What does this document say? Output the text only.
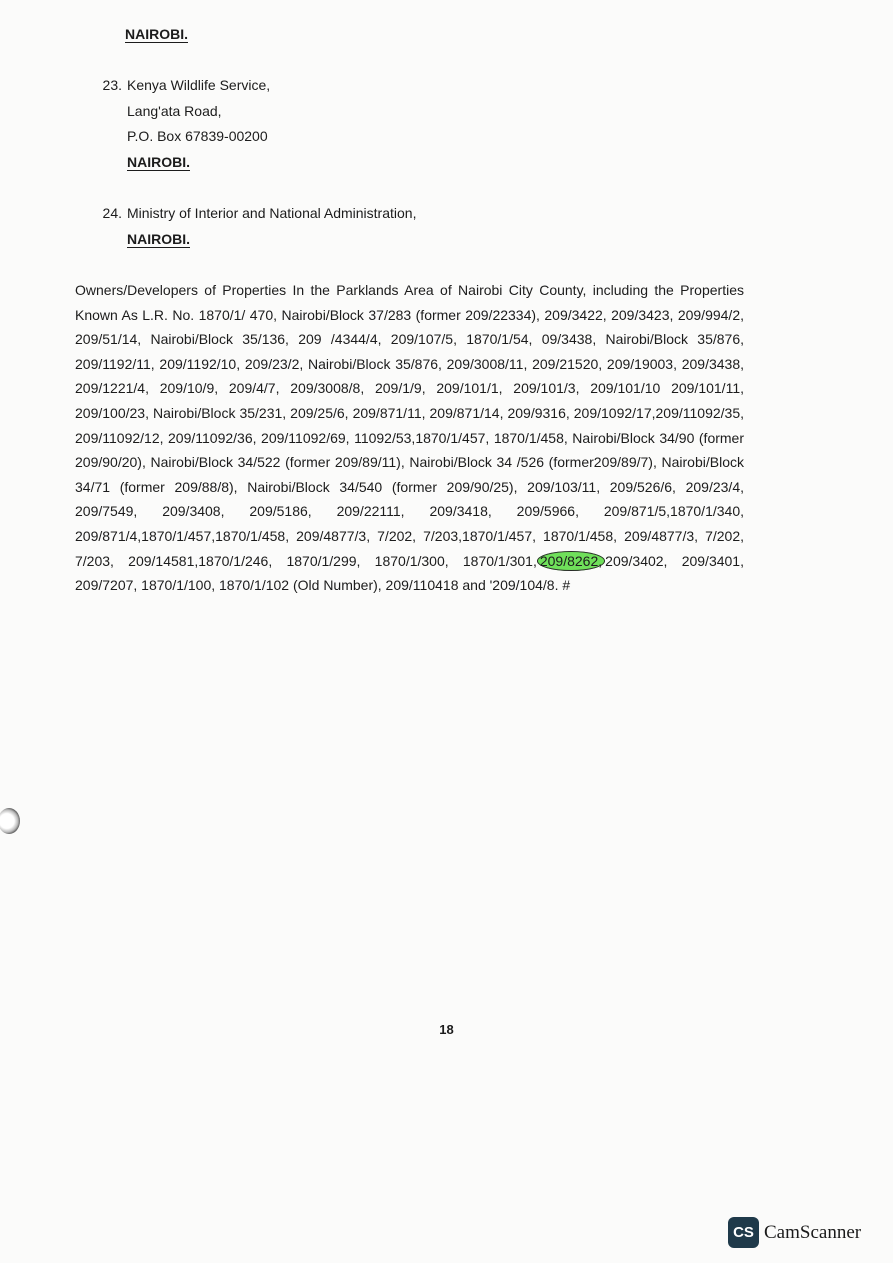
NAIROBI.
23. Kenya Wildlife Service,
Lang'ata Road,
P.O. Box 67839-00200
NAIROBI.
24. Ministry of Interior and National Administration,
NAIROBI.
Owners/Developers of Properties In the Parklands Area of Nairobi City County, including the Properties Known As L.R. No. 1870/1/ 470, Nairobi/Block 37/283 (former 209/22334), 209/3422, 209/3423, 209/994/2, 209/51/14, Nairobi/Block 35/136, 209 /4344/4, 209/107/5, 1870/1/54, 09/3438, Nairobi/Block 35/876, 209/1192/11, 209/1192/10, 209/23/2, Nairobi/Block 35/876, 209/3008/11, 209/21520, 209/19003, 209/3438, 209/1221/4, 209/10/9, 209/4/7, 209/3008/8, 209/1/9, 209/101/1, 209/101/3, 209/101/10 209/101/11, 209/100/23, Nairobi/Block 35/231, 209/25/6, 209/871/11, 209/871/14, 209/9316, 209/1092/17,209/11092/35, 209/11092/12, 209/11092/36, 209/11092/69, 11092/53,1870/1/457, 1870/1/458, Nairobi/Block 34/90 (former 209/90/20), Nairobi/Block 34/522 (former 209/89/11), Nairobi/Block 34 /526 (former209/89/7), Nairobi/Block 34/71 (former 209/88/8), Nairobi/Block 34/540 (former 209/90/25), 209/103/11, 209/526/6, 209/23/4, 209/7549, 209/3408, 209/5186, 209/22111, 209/3418, 209/5966, 209/871/5,1870/1/340, 209/871/4,1870/1/457,1870/1/458, 209/4877/3, 7/202, 7/203,1870/1/457, 1870/1/458, 209/4877/3, 7/202, 7/203, 209/14581,1870/1/246, 1870/1/299, 1870/1/300, 1870/1/301, 209/8262, 209/3402, 209/3401, 209/7207, 1870/1/100, 1870/1/102 (Old Number), 209/110418 and '209/104/8. #
18
CS CamScanner
